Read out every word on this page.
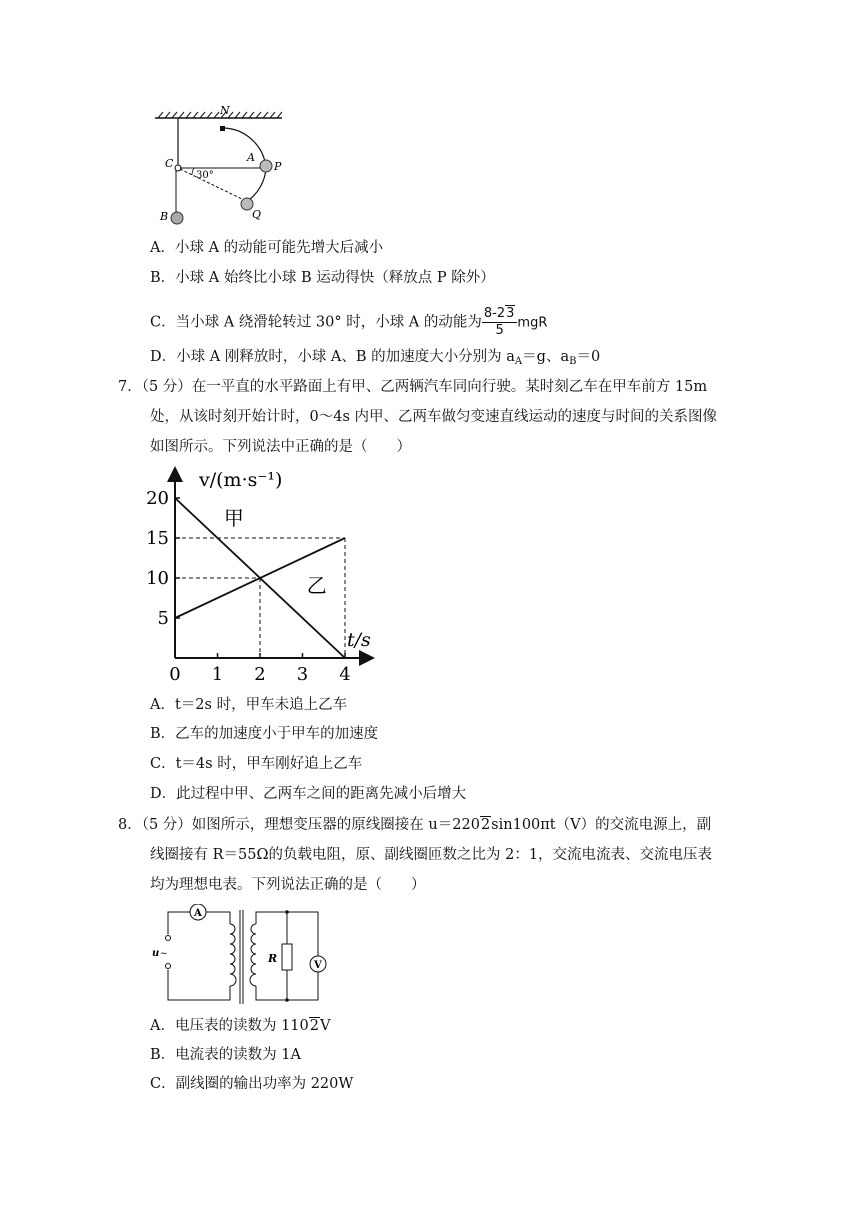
N
C	A
P
30°
B	Q
A．小球 A 的动能可能先增大后减小
B．小球 A 始终比小球 B 运动得快（释放点 P 除外）
C．当小球 A 绕滑轮转过 30° 时，小球 A 的动能为 $\frac{8-23}{5}$ mgR
D．小球 A 刚释放时，小球 A、B 的加速度大小分别为 $a_A=g$、$a_B=0$
7．（5 分）在一平直的水平路面上有甲、乙两辆汽车同向行驶。某时刻乙车在甲车前方 15m
处，从该时刻开始计时，0～4s 内甲、乙两车做匀变速直线运动的速度与时间的关系图像
如图所示。下列说法中正确的是（　　）
0 1 2 3 4
5
10
15
20
甲
乙
v/(m·s⁻¹)
t/s
A．t＝2s 时，甲车未追上乙车
B．乙车的加速度小于甲车的加速度
C．t＝4s 时，甲车刚好追上乙车
D．此过程中甲、乙两车之间的距离先减小后增大
8．（5 分）如图所示，理想变压器的原线圈接在 u＝2202sin100πt（V）的交流电源上，副
线圈接有 R＝55Ω的负载电阻，原、副线圈匝数之比为 2：1，交流电流表、交流电压表
均为理想电表。下列说法正确的是（　　）
A
u ~	R
V
A．电压表的读数为 1102V
B．电流表的读数为 1A
C．副线圈的输出功率为 220W
